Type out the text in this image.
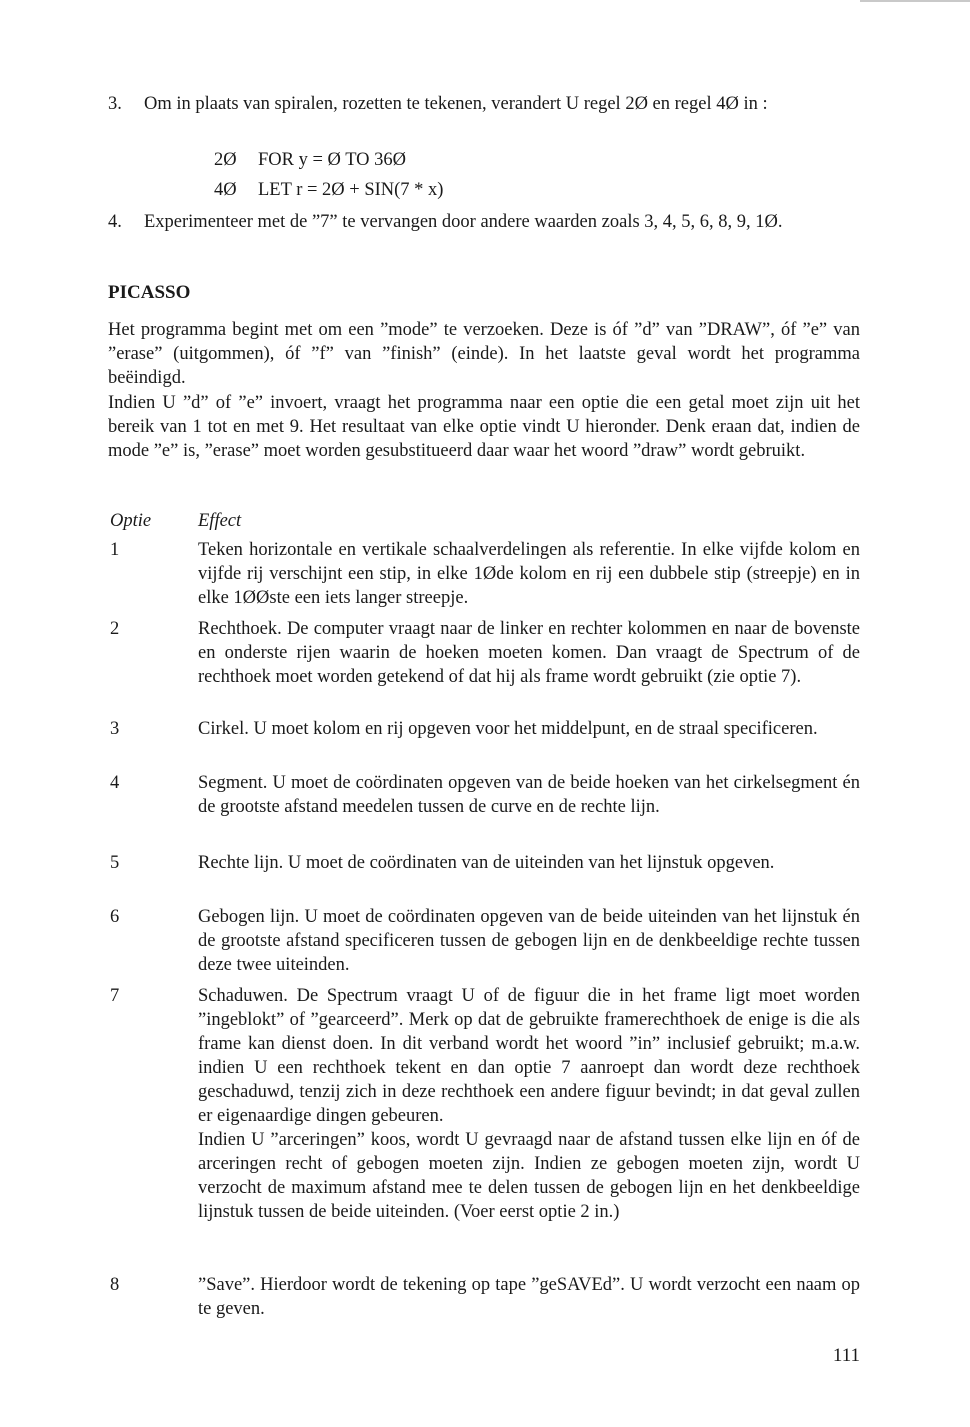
3. Om in plaats van spiralen, rozetten te tekenen, verandert U regel 2Ø en regel 4Ø in :
2Ø FOR y = Ø TO 36Ø
4Ø LET r = 2Ø + SIN(7 * x)
4. Experimenteer met de ”7” te vervangen door andere waarden zoals 3, 4, 5, 6, 8, 9, 1Ø.
PICASSO
Het programma begint met om een ”mode” te verzoeken. Deze is óf ”d” van ”DRAW”, óf ”e” van ”erase” (uitgommen), óf ”f” van ”finish” (einde). In het laatste geval wordt het programma beëindigd.
Indien U ”d” of ”e” invoert, vraagt het programma naar een optie die een getal moet zijn uit het bereik van 1 tot en met 9. Het resultaat van elke optie vindt U hieronder. Denk eraan dat, indien de mode ”e” is, ”erase” moet worden gesubstitueerd daar waar het woord ”draw” wordt gebruikt.
Optie	Effect
1	Teken horizontale en vertikale schaalverdelingen als referentie. In elke vijfde kolom en vijfde rij verschijnt een stip, in elke 1Øde kolom en rij een dubbele stip (streepje) en in elke 1ØØste een iets langer streepje.

2	Rechthoek. De computer vraagt naar de linker en rechter kolommen en naar de bovenste en onderste rijen waarin de hoeken moeten komen. Dan vraagt de Spectrum of de rechthoek moet worden getekend of dat hij als frame wordt gebruikt (zie optie 7).

3	Cirkel. U moet kolom en rij opgeven voor het middelpunt, en de straal specificeren.

4	Segment. U moet de coördinaten opgeven van de beide hoeken van het cirkelsegment én de grootste afstand meedelen tussen de curve en de rechte lijn.

5	Rechte lijn. U moet de coördinaten van de uiteinden van het lijnstuk opgeven.

6	Gebogen lijn. U moet de coördinaten opgeven van de beide uiteinden van het lijnstuk én de grootste afstand specificeren tussen de gebogen lijn en de denkbeeldige rechte tussen deze twee uiteinden.

7	Schaduwen. De Spectrum vraagt U of de figuur die in het frame ligt moet worden ”ingeblokt” of ”gearceerd”. Merk op dat de gebruikte framerechthoek de enige is die als frame kan dienst doen. In dit verband wordt het woord ”in” inclusief gebruikt; m.a.w. indien U een rechthoek tekent en dan optie 7 aanroept dan wordt deze rechthoek geschaduwd, tenzij zich in deze rechthoek een andere figuur bevindt; in dat geval zullen er eigenaardige dingen gebeuren.

Indien U ”arceringen” koos, wordt U gevraagd naar de afstand tussen elke lijn en óf de arceringen recht of gebogen moeten zijn. Indien ze gebogen moeten zijn, wordt U verzocht de maximum afstand mee te delen tussen de gebogen lijn en het denkbeeldige lijnstuk tussen de beide uiteinden. (Voer eerst optie 2 in.)

8	”Save”. Hierdoor wordt de tekening op tape ”geSAVEd”. U wordt verzocht een naam op te geven.

111
